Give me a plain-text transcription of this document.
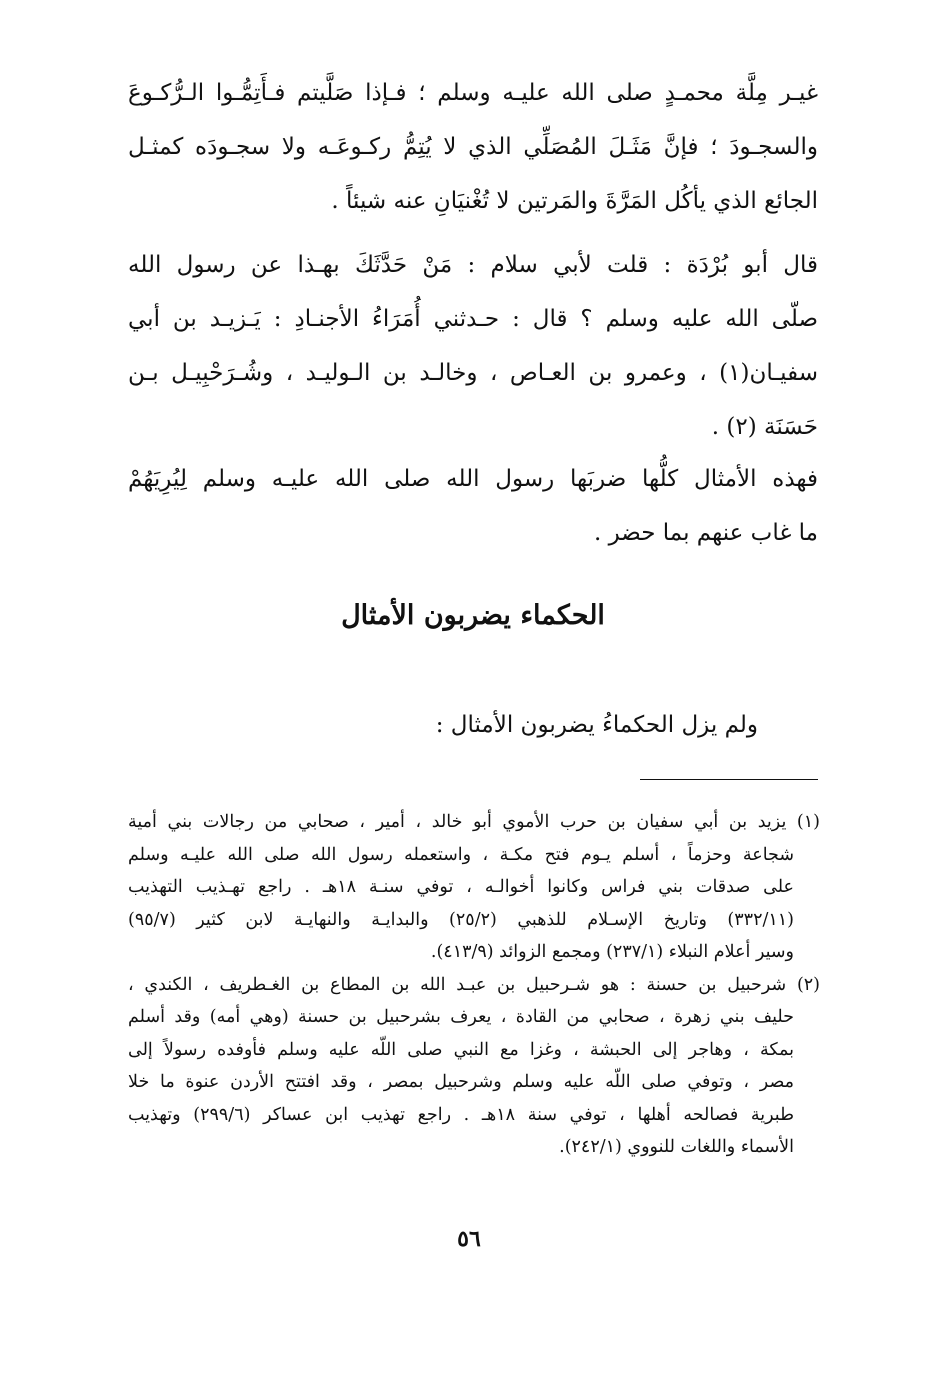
غيـر مِلَّة محمـدٍ صلى الله عليـه وسلم ؛ فـإذا صَلَّيتم فـأَتِمُّـوا الـرُّكـوعَ
والسجـودَ ؛ فإنَّ مَثَـلَ المُصَلِّي الذي لا يُتِمُّ ركـوعَـه ولا سجـودَه كمثـل
الجائع الذي يأكُل المَرَّةَ والمَرتين لا تُغْنيَانِ عنه شيئاً .

قال أبو بُرْدَة : قلت لأبي سلام : مَنْ حَدَّثَكَ بهـذا عن رسول الله
صلّى الله عليه وسلم ؟ قال : حـدثني أُمَرَاءُ الأجنـادِ : يَـزيـد بن أبي
سفيـان(١) ، وعمرو بن العـاص ، وخالـد بن الـوليـد ، وشُـرَحْبِيـل بـن
حَسَنَة (٢) .

فهذه الأمثال كلُّها ضربَها رسول الله صلى الله عليـه وسلم لِيُرِيَهُمْ
ما غاب عنهم بما حضر .

الحكماء يضربون الأمثال

ولم يزل الحكماءُ يضربون الأمثال :

(١) يزيد بن أبي سفيان بن حرب الأموي أبو خالد ، أمير ، صحابي من رجالات بني أمية
شجاعة وحزماً ، أسلم يـوم فتح مكـة ، واستعمله رسول الله صلى الله عليـه وسلم
على صدقات بني فراس وكانوا أخوالـه ، توفي سنـة ١٨هـ . راجع تهـذيب التهذيب
(٣٣٢/١١) وتاريخ الإسـلام للذهبي (٢٥/٢) والبدايـة والنهايـة لابن كثير (٩٥/٧)
وسير أعلام النبلاء (٢٣٧/١) ومجمع الزوائد (٤١٣/٩).

(٢) شرحبيل بن حسنة : هو شـرحبيل بن عبـد الله بن المطاع بن الغـطريف ، الكندي ،
حليف بني زهرة ، صحابي من القادة ، يعرف بشرحبيل بن حسنة (وهي أمه) وقد أسلم
بمكة ، وهاجر إلى الحبشة ، وغزا مع النبي صلى اللّه عليه وسلم فأوفده رسولاً إلى
مصر ، وتوفي صلى اللّه عليه وسلم وشرحبيل بمصر ، وقد افتتح الأردن عنوة ما خلا
طبرية فصالحه أهلها ، توفي سنة ١٨هـ . راجع تهذيب ابن عساكر (٢٩٩/٦) وتهذيب
الأسماء واللغات للنووي (٢٤٢/١).

٥٦
